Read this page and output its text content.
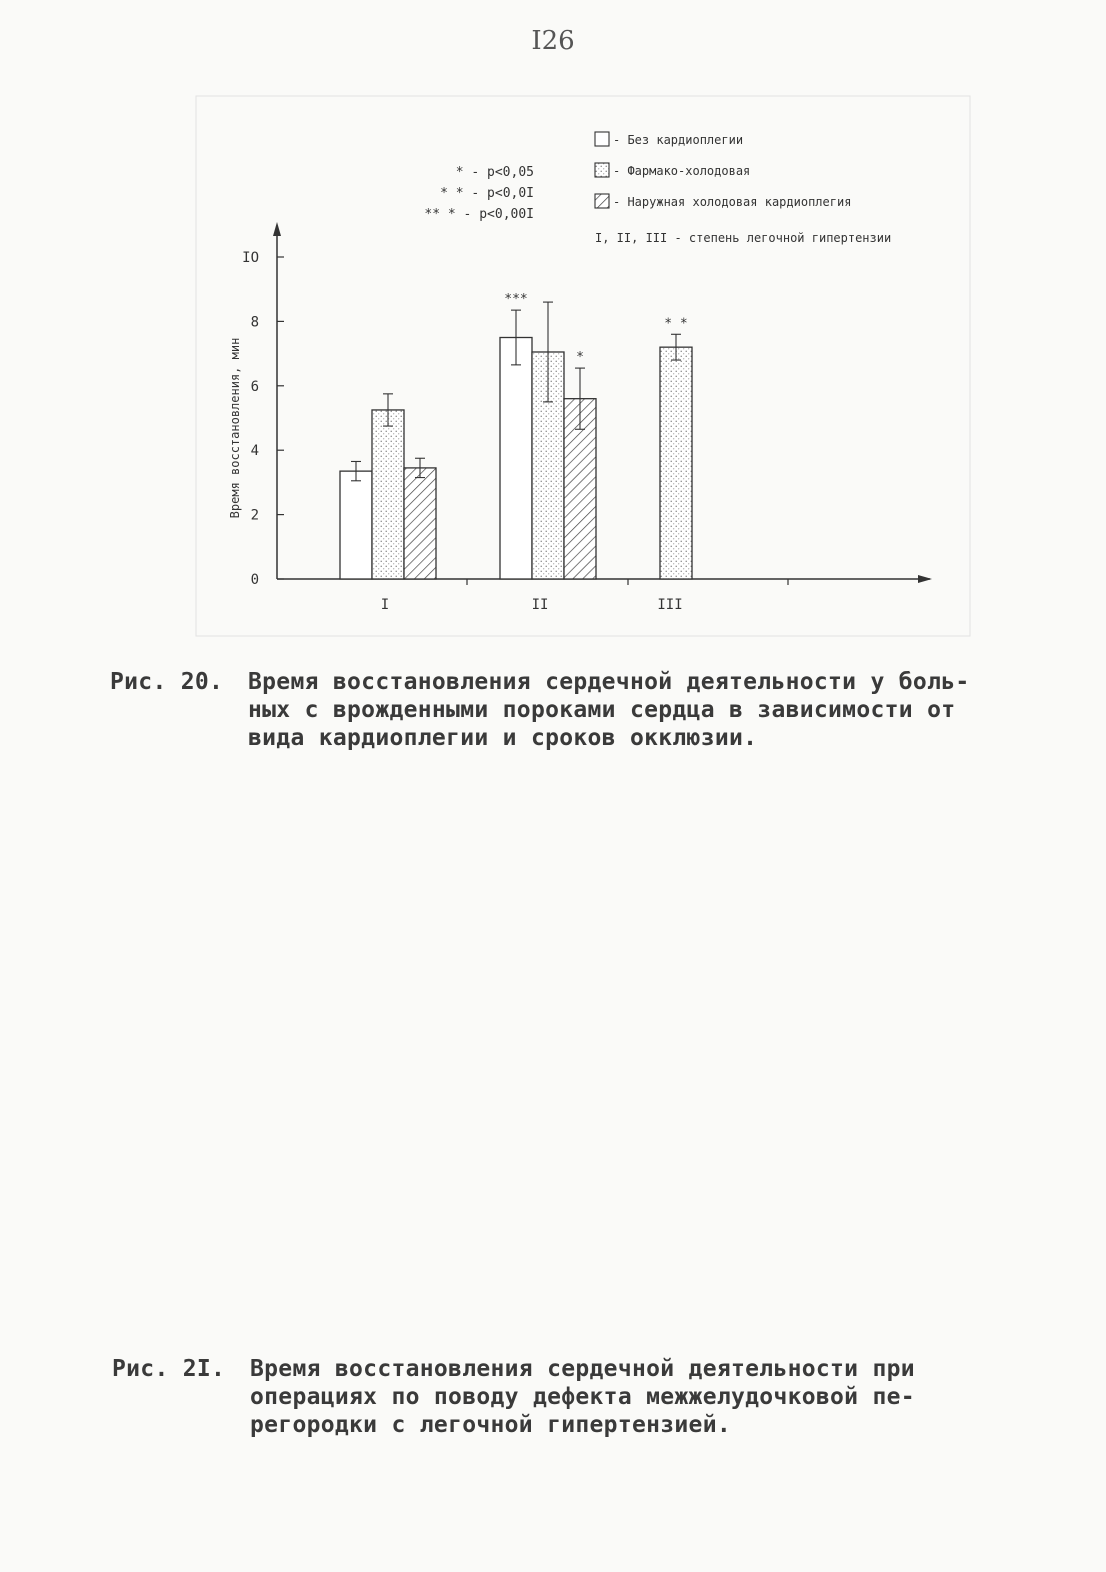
I26
0
2
4
6
8
IO
Время восстановления, мин
I	II	III
***
*
* *
* - p<0,05
* * - p<0,0I
** * - p<0,00I
- Без кардиоплегии
- Фармако-холодовая
- Наружная холодовая кардиоплегия
I, II, III - степень легочной гипертензии
Рис. 20. Время восстановления сердечной деятельности у боль-ных с врожденными пороками сердца в зависимости от вида кардиоплегии и сроков окклюзии.
Рис. 2I. Время восстановления сердечной деятельности при операциях по поводу дефекта межжелудочковой пе-регородки с легочной гипертензией.
